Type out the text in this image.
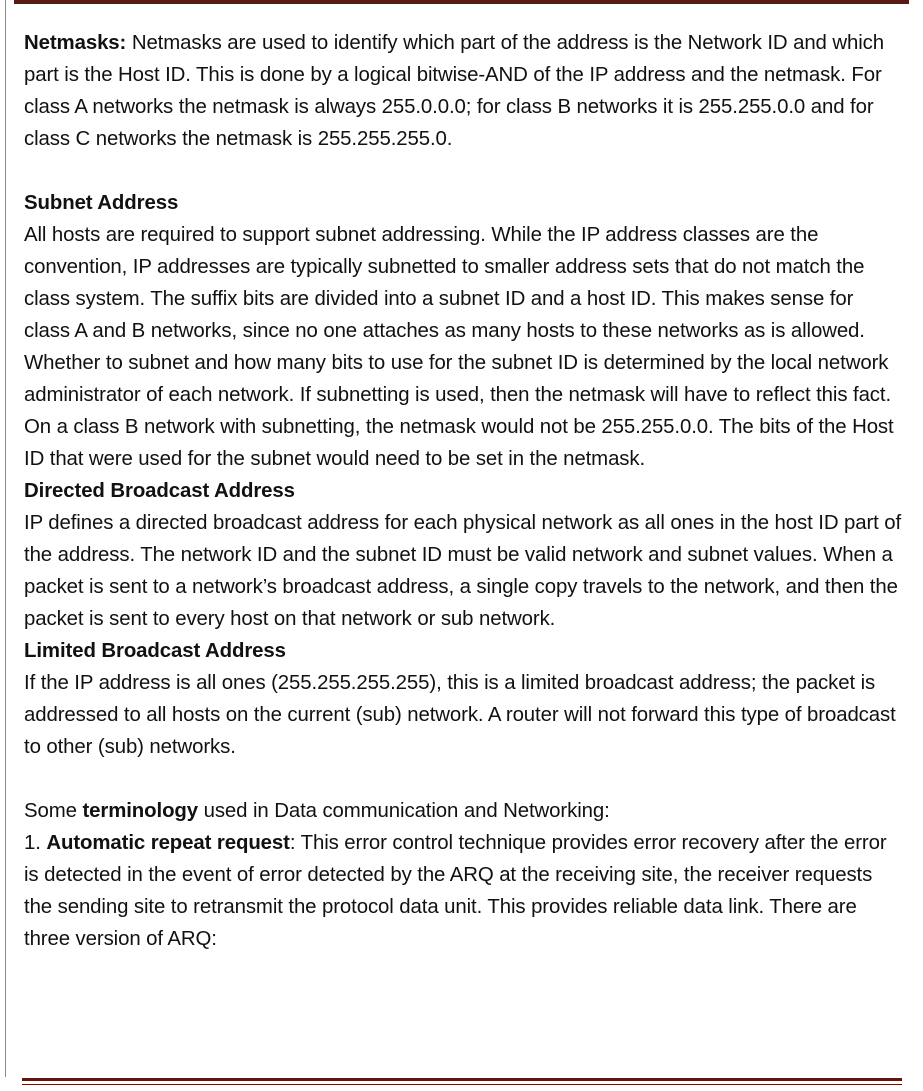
Netmasks: Netmasks are used to identify which part of the address is the Network ID and which part is the Host ID. This is done by a logical bitwise-AND of the IP address and the netmask. For class A networks the netmask is always 255.0.0.0; for class B networks it is 255.255.0.0 and for class C networks the netmask is 255.255.255.0.

Subnet Address

All hosts are required to support subnet addressing. While the IP address classes are the convention, IP addresses are typically subnetted to smaller address sets that do not match the class system. The suffix bits are divided into a subnet ID and a host ID. This makes sense for class A and B networks, since no one attaches as many hosts to these networks as is allowed. Whether to subnet and how many bits to use for the subnet ID is determined by the local network administrator of each network. If subnetting is used, then the netmask will have to reflect this fact. On a class B network with subnetting, the netmask would not be 255.255.0.0. The bits of the Host ID that were used for the subnet would need to be set in the netmask.

Directed Broadcast Address

IP defines a directed broadcast address for each physical network as all ones in the host ID part of the address. The network ID and the subnet ID must be valid network and subnet values. When a packet is sent to a network’s broadcast address, a single copy travels to the network, and then the packet is sent to every host on that network or sub network.

Limited Broadcast Address

If the IP address is all ones (255.255.255.255), this is a limited broadcast address; the packet is addressed to all hosts on the current (sub) network. A router will not forward this type of broadcast to other (sub) networks.

Some terminology used in Data communication and Networking:

1. Automatic repeat request: This error control technique provides error recovery after the error is detected in the event of error detected by the ARQ at the receiving site, the receiver requests the sending site to retransmit the protocol data unit. This provides reliable data link. There are three version of ARQ:
